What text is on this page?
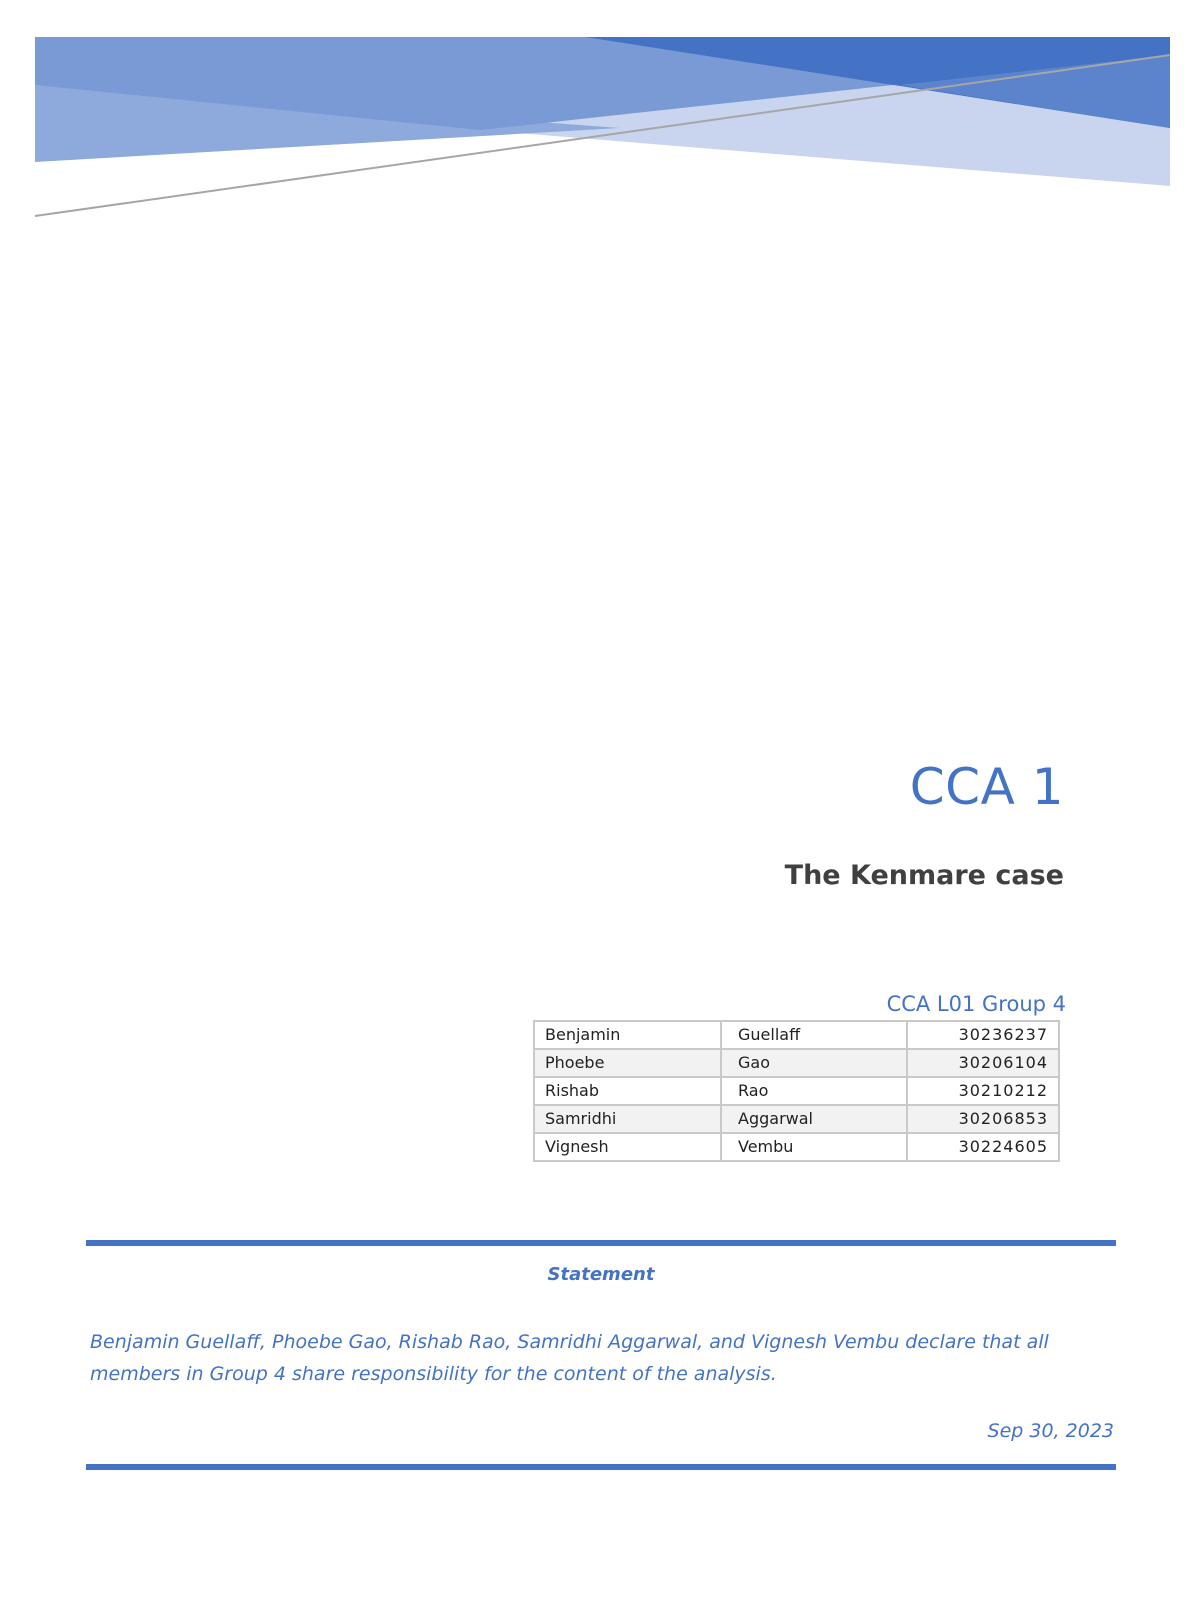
CCA 1
The Kenmare case
CCA L01 Group 4
Benjamin	Guellaff	30236237
Phoebe	Gao	30206104
Rishab	Rao	30210212
Samridhi	Aggarwal	30206853
Vignesh	Vembu	30224605
Statement

Benjamin Guellaff, Phoebe Gao, Rishab Rao, Samridhi Aggarwal, and Vignesh Vembu declare that all members in Group 4 share responsibility for the content of the analysis.

Sep 30, 2023
